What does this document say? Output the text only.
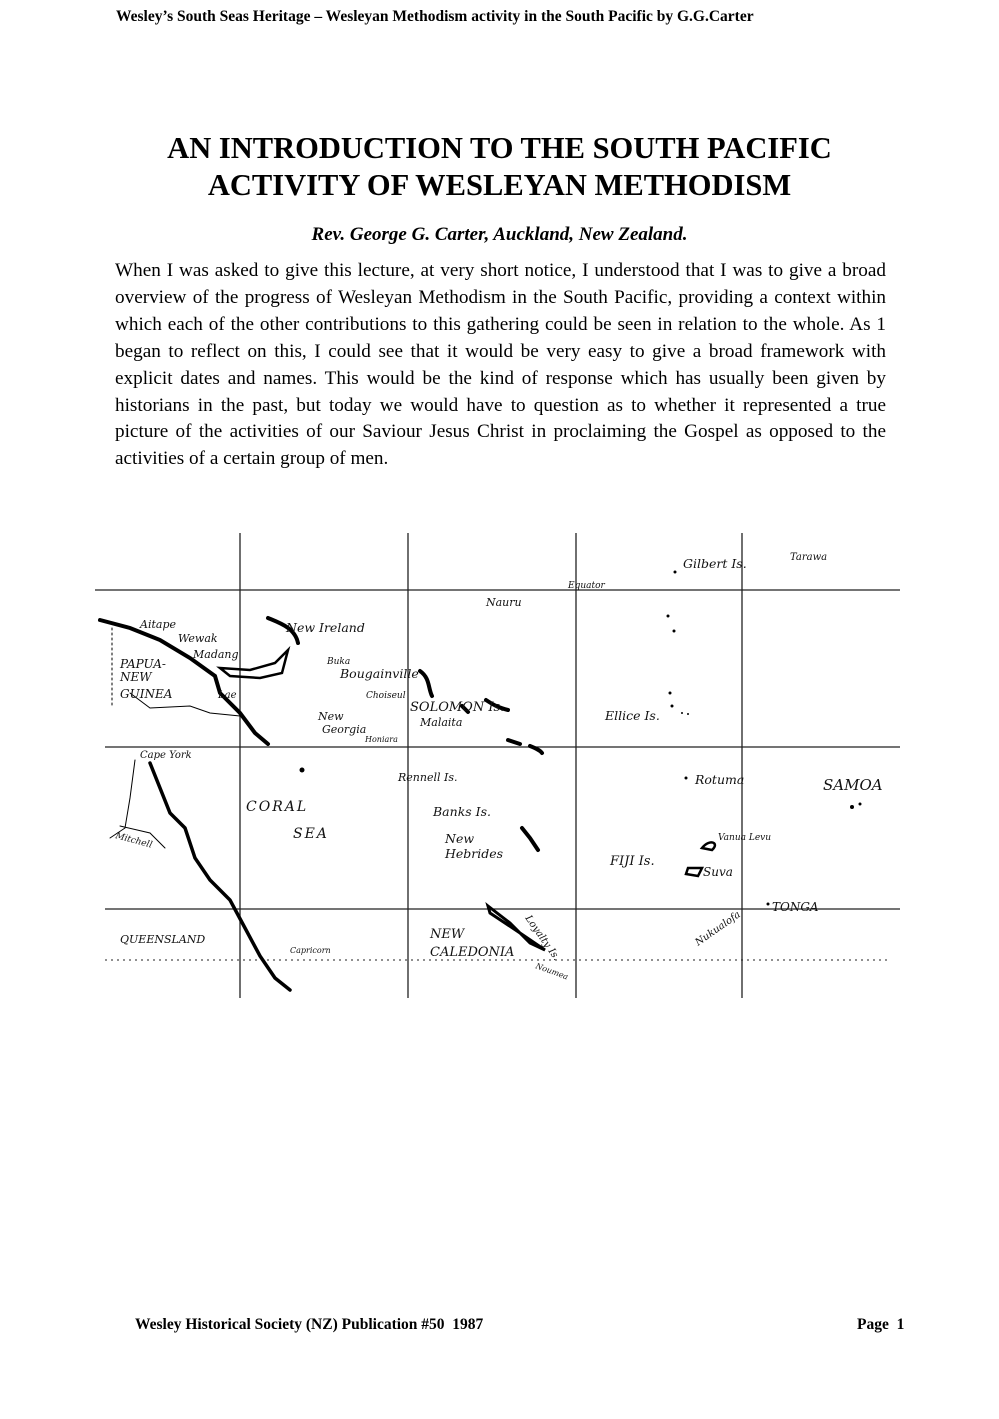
Wesley’s South Seas Heritage – Wesleyan Methodism activity in the South Pacific by G.G.Carter
AN INTRODUCTION TO THE SOUTH PACIFIC
ACTIVITY OF WESLEYAN METHODISM
Rev. George G. Carter, Auckland, New Zealand.
When I was asked to give this lecture, at very short notice, I understood that I was to give a broad overview of the progress of Wesleyan Methodism in the South Pacific, providing a context within which each of the other contributions to this gathering could be seen in relation to the whole. As 1 began to reflect on this, I could see that it would be very easy to give a broad framework with explicit dates and names. This would be the kind of response which has usually been given by historians in the past, but today we would have to question as to whether it represented a true picture of the activities of our Saviour Jesus Christ in proclaiming the Gospel as opposed to the activities of a certain group of men.
Gilbert Is.	Tarawa
Equator
Nauru
Aitape
Wewak
Madang
PAPUA-
NEW
GUINEA	Lae
New Ireland
Buka
Bougainville
Choiseul
SOLOMON Is.
New
Georgia
Malaita
Honiara
Ellice Is.
Cape York
Rennell Is.	Rotuma	SAMOA
CORAL
SEA
Banks Is.
New
Hebrides
Mitchell	Vanua Levu
FIJI Is.
Suva
TONGA
QUEENSLAND
Capricorn
NEW
CALEDONIA Loyalty Is.
Noumea
Nukualofa
Wesley Historical Society (NZ) Publication #50  1987	Page  1
